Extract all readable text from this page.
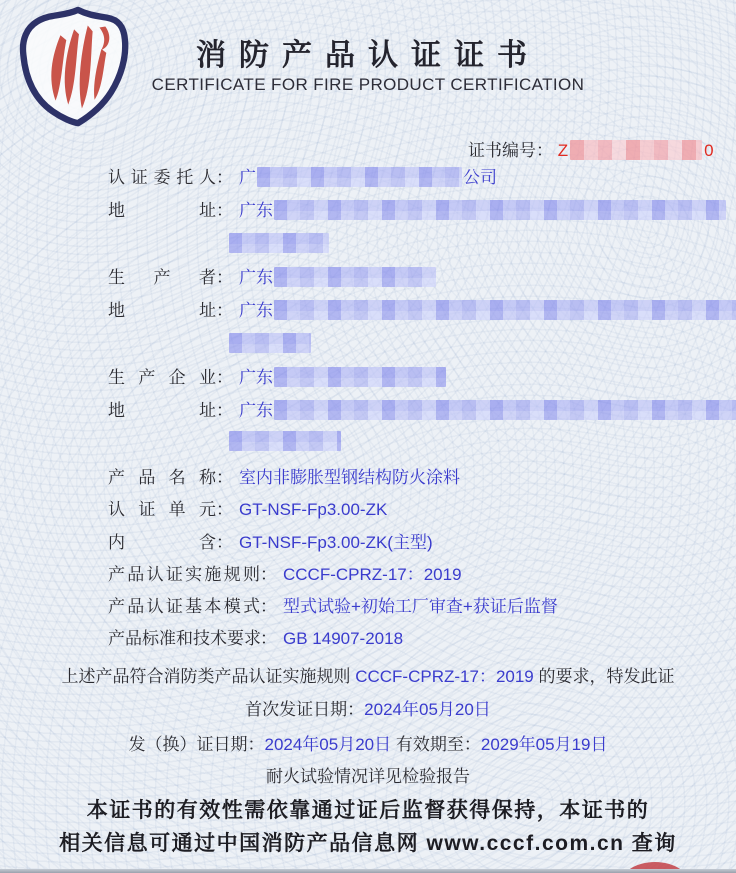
消防产品认证证书
CERTIFICATE FOR FIRE PRODUCT CERTIFICATION
证书编号： Z	0
认证委托人： 广	公司
地址： 广东
生产者： 广东
地址： 广东
生产企业： 广东
地址： 广东
产品名称： 室内非膨胀型钢结构防火涂料
认证单元： GT-NSF-Fp3.00-ZK
内含： GT-NSF-Fp3.00-ZK(主型)
产品认证实施规则： CCCF-CPRZ-17：2019
产品认证基本模式： 型式试验+初始工厂审查+获证后监督
产品标准和技术要求： GB 14907-2018
上述产品符合消防类产品认证实施规则 CCCF-CPRZ-17：2019 的要求，特发此证
首次发证日期：2024年05月20日
发（换）证日期：2024年05月20日 有效期至：2029年05月19日
耐火试验情况详见检验报告
本证书的有效性需依靠通过证后监督获得保持，本证书的
相关信息可通过中国消防产品信息网 www.cccf.com.cn 查询
